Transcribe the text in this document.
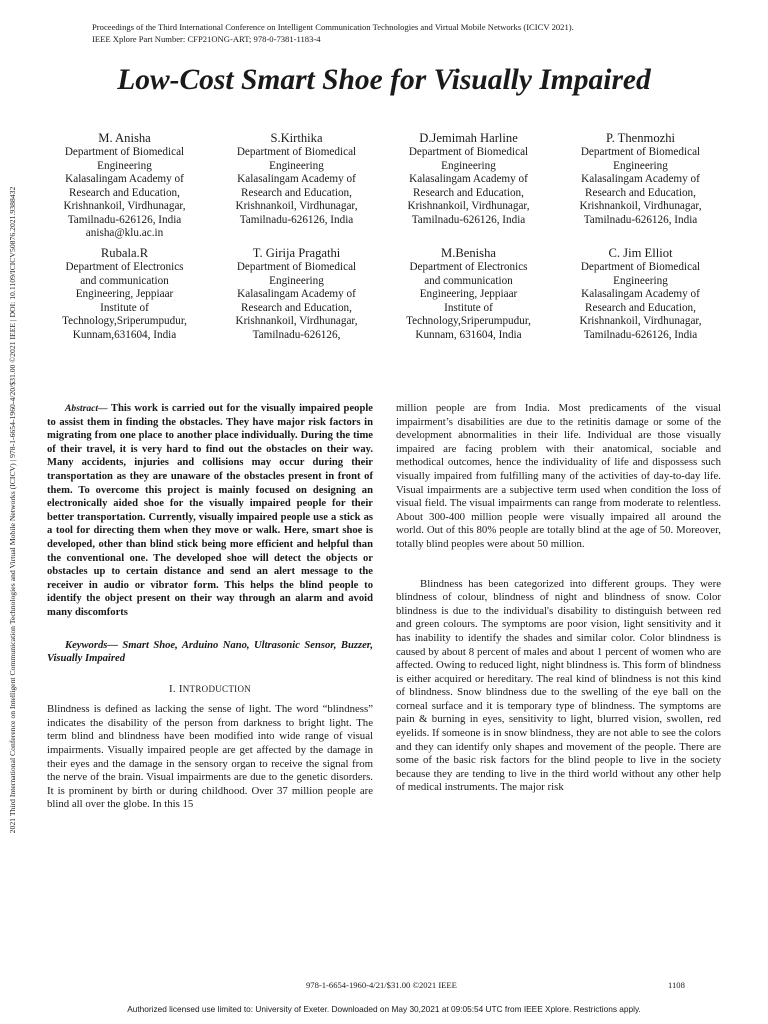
Proceedings of the Third International Conference on Intelligent Communication Technologies and Virtual Mobile Networks (ICICV 2021).
IEEE Xplore Part Number: CFP21ONG-ART; 978-0-7381-1183-4
Low-Cost Smart Shoe for Visually Impaired
2021 Third International Conference on Intelligent Communication Technologies and Virtual Mobile Networks (ICICV) | 978-1-6654-1960-4/20/$31.00 ©2021 IEEE | DOI: 10.1109/ICICV50876.2021.9388432
M. Anisha
Department of Biomedical
Engineering
Kalasalingam Academy of
Research and Education,
Krishnankoil, Virdhunagar,
Tamilnadu-626126, India
anisha@klu.ac.in
S.Kirthika
Department of Biomedical
Engineering
Kalasalingam Academy of
Research and Education,
Krishnankoil, Virdhunagar,
Tamilnadu-626126, India
D.Jemimah Harline
Department of Biomedical
Engineering
Kalasalingam Academy of
Research and Education,
Krishnankoil, Virdhunagar,
Tamilnadu-626126, India
P. Thenmozhi
Department of Biomedical
Engineering
Kalasalingam Academy of
Research and Education,
Krishnankoil, Virdhunagar,
Tamilnadu-626126, India
Rubala.R
Department of Electronics
and communication
Engineering, Jeppiaar
Institute of
Technology,Sriperumpudur,
Kunnam,631604, India
T. Girija Pragathi
Department of Biomedical
Engineering
Kalasalingam Academy of
Research and Education,
Krishnankoil, Virdhunagar,
Tamilnadu-626126,
M.Benisha
Department of Electronics
and communication
Engineering, Jeppiaar
Institute of
Technology,Sriperumpudur,
Kunnam, 631604, India
C. Jim Elliot
Department of Biomedical
Engineering
Kalasalingam Academy of
Research and Education,
Krishnankoil, Virdhunagar,
Tamilnadu-626126, India

Abstract— This work is carried out for the visually impaired people to assist them in finding the obstacles. They have major risk factors in migrating from one place to another place individually. During the time of their travel, it is very hard to find out the obstacles on their way. Many accidents, injuries and collisions may occur during their transportation as they are unaware of the obstacles present in front of them. To overcome this project is mainly focused on designing an electronically aided shoe for the visually impaired people for their better transportation. Currently, visually impaired people use a stick as a tool for directing them when they move or walk. Here, smart shoe is developed, other than blind stick being more efficient and helpful than the conventional one. The developed shoe will detect the objects or obstacles up to certain distance and send an alert message to the receiver in audio or vibrator form. This helps the blind people to identify the object present on their way through an alarm and avoid many discomforts

Keywords— Smart Shoe, Arduino Nano, Ultrasonic Sensor, Buzzer, Visually Impaired

I. INTRODUCTION

Blindness is defined as lacking the sense of light. The word “blindness” indicates the disability of the person from darkness to bright light. The term blind and blindness have been modified into wide range of visual impairments. Visually impaired people are get affected by the damage in their eyes and the damage in the sensory organ to receive the signal from the nerve of the brain. Visual impairments are due to the genetic disorders. It is prominent by birth or during childhood. Over 37 million people are blind all over the globe. In this 15

million people are from India. Most predicaments of the visual impairment’s disabilities are due to the retinitis damage or some of the development abnormalities in their life. Individual are those visually impaired are facing problem with their anatomical, sociable and methodical outcomes, hence the individuality of life and dispossess such visually impaired from fulfilling many of the activities of day-to-day life. Visual impairments are a subjective term used when condition the loss of visual field. The visual impairments can range from moderate to relentless. About 300-400 million people were visually impaired all around the world. Out of this 80% people are totally blind at the age of 50. Moreover, totally blind peoples were about 50 million.

Blindness has been categorized into different groups. They were blindness of colour, blindness of night and blindness of snow. Color blindness is due to the individual's disability to distinguish between red and green colours. The symptoms are poor vision, light sensitivity and it has inability to identify the shades and similar color. Color blindness is caused by about 8 percent of males and about 1 percent of women who are affected. Owing to reduced light, night blindness is. This form of blindness is either acquired or hereditary. The real kind of blindness is not this kind of blindness. Snow blindness due to the swelling of the eye ball on the corneal surface and it is temporary type of blindness. The symptoms are pain & burning in eyes, sensitivity to light, blurred vision, swollen, red eyelids. If someone is in snow blindness, they are not able to see the colors and they can identify only shapes and movement of the people. There are some of the basic risk factors for the blind people to live in the society because they are tending to live in the third world without any other help of medical instruments. The major risk

978-1-6654-1960-4/21/$31.00 ©2021 IEEE	1108
Authorized licensed use limited to: University of Exeter. Downloaded on May 30,2021 at 09:05:54 UTC from IEEE Xplore. Restrictions apply.
